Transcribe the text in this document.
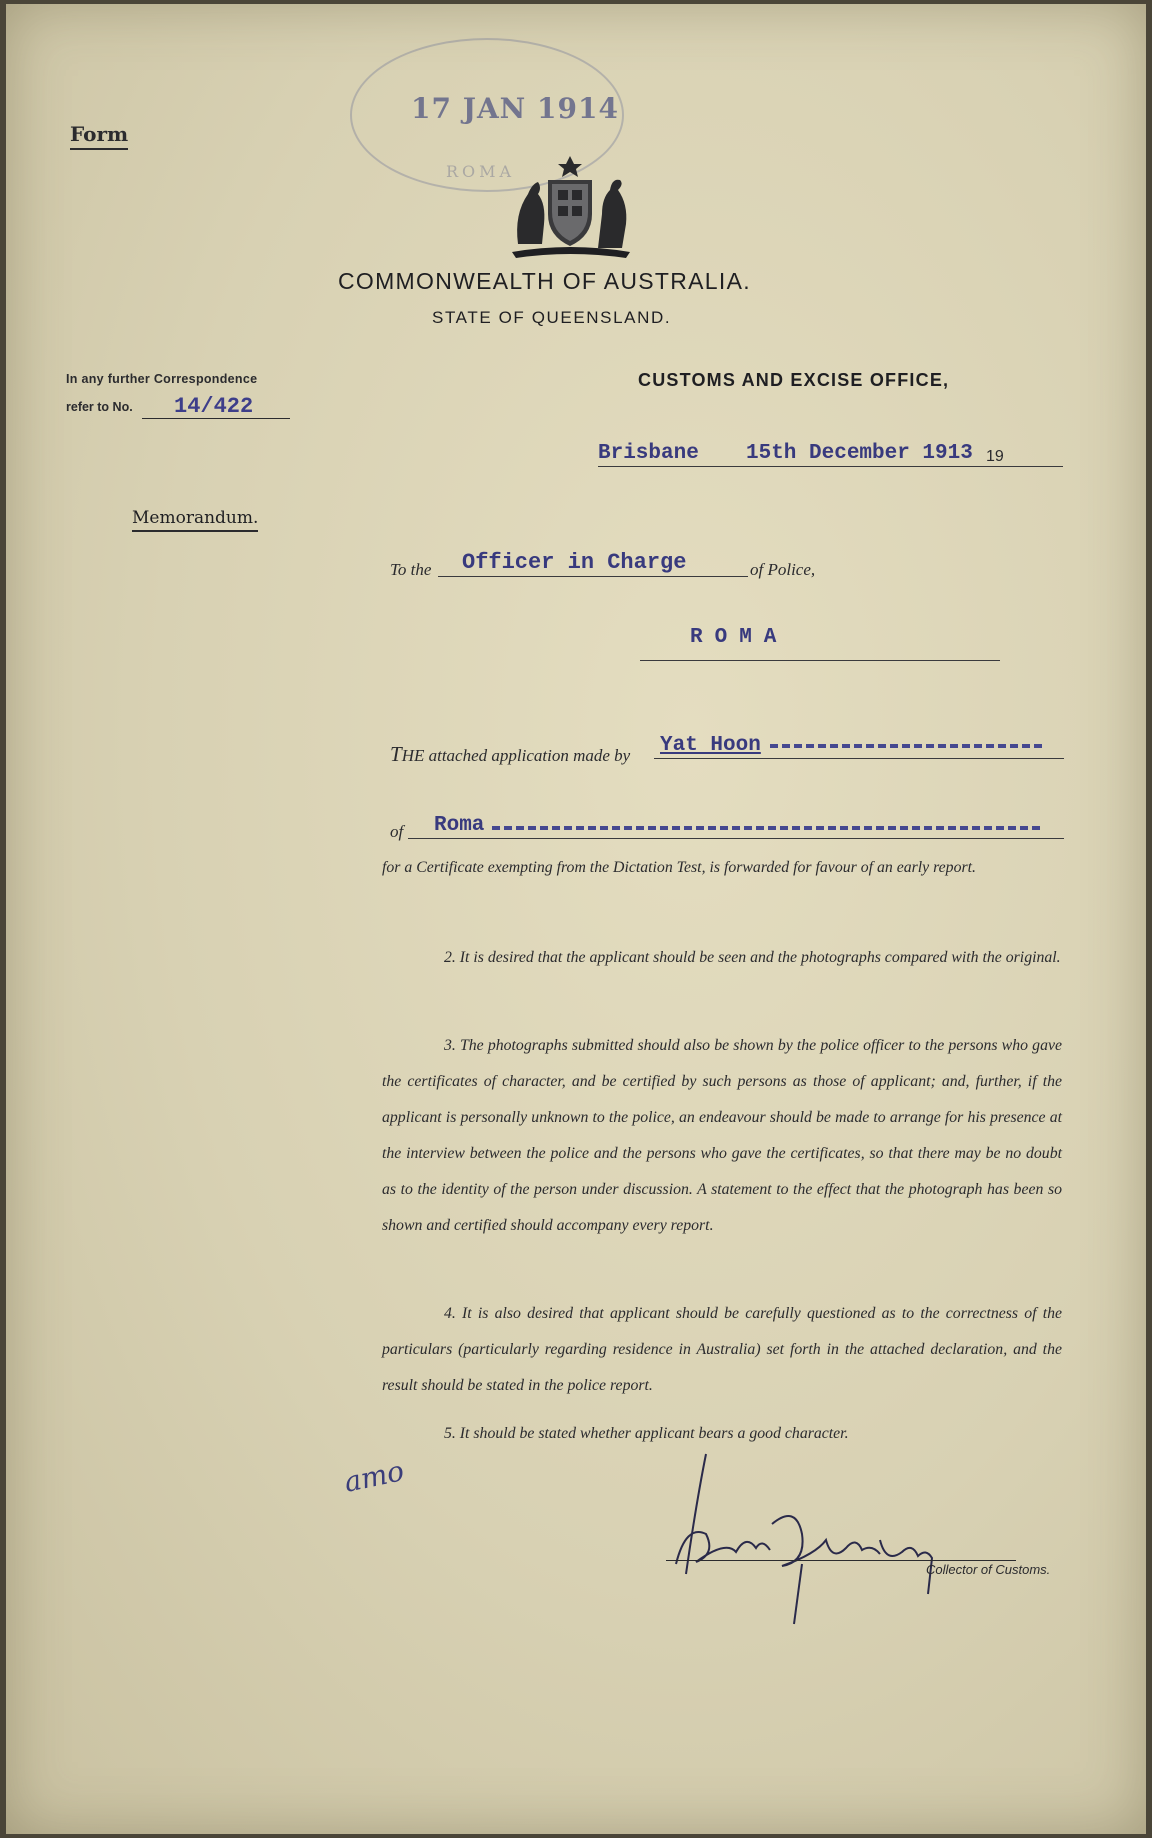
Form
17 JAN 1914
ROMA
COMMONWEALTH OF AUSTRALIA.
STATE OF QUEENSLAND.
In any further Correspondence
refer to No. 14/422
CUSTOMS AND EXCISE OFFICE,
Brisbane 15th December 1913 19
Memorandum.
To the Officer in Charge	of Police,
ROMA
THE attached application made by Yat Hoon
of Roma
for a Certificate exempting from the Dictation Test, is forwarded for favour of an early report.
2. It is desired that the applicant should be seen and the photographs compared with the original.
3. The photographs submitted should also be shown by the police officer to the persons who gave the certificates of character, and be certified by such persons as those of applicant; and, further, if the applicant is personally unknown to the police, an endeavour should be made to arrange for his presence at the interview between the police and the persons who gave the certificates, so that there may be no doubt as to the identity of the person under discussion. A statement to the effect that the photograph has been so shown and certified should accompany every report.
4. It is also desired that applicant should be carefully questioned as to the correctness of the particulars (particularly regarding residence in Australia) set forth in the attached declaration, and the result should be stated in the police report.
5. It should be stated whether applicant bears a good character.
amo
Collector of Customs.
